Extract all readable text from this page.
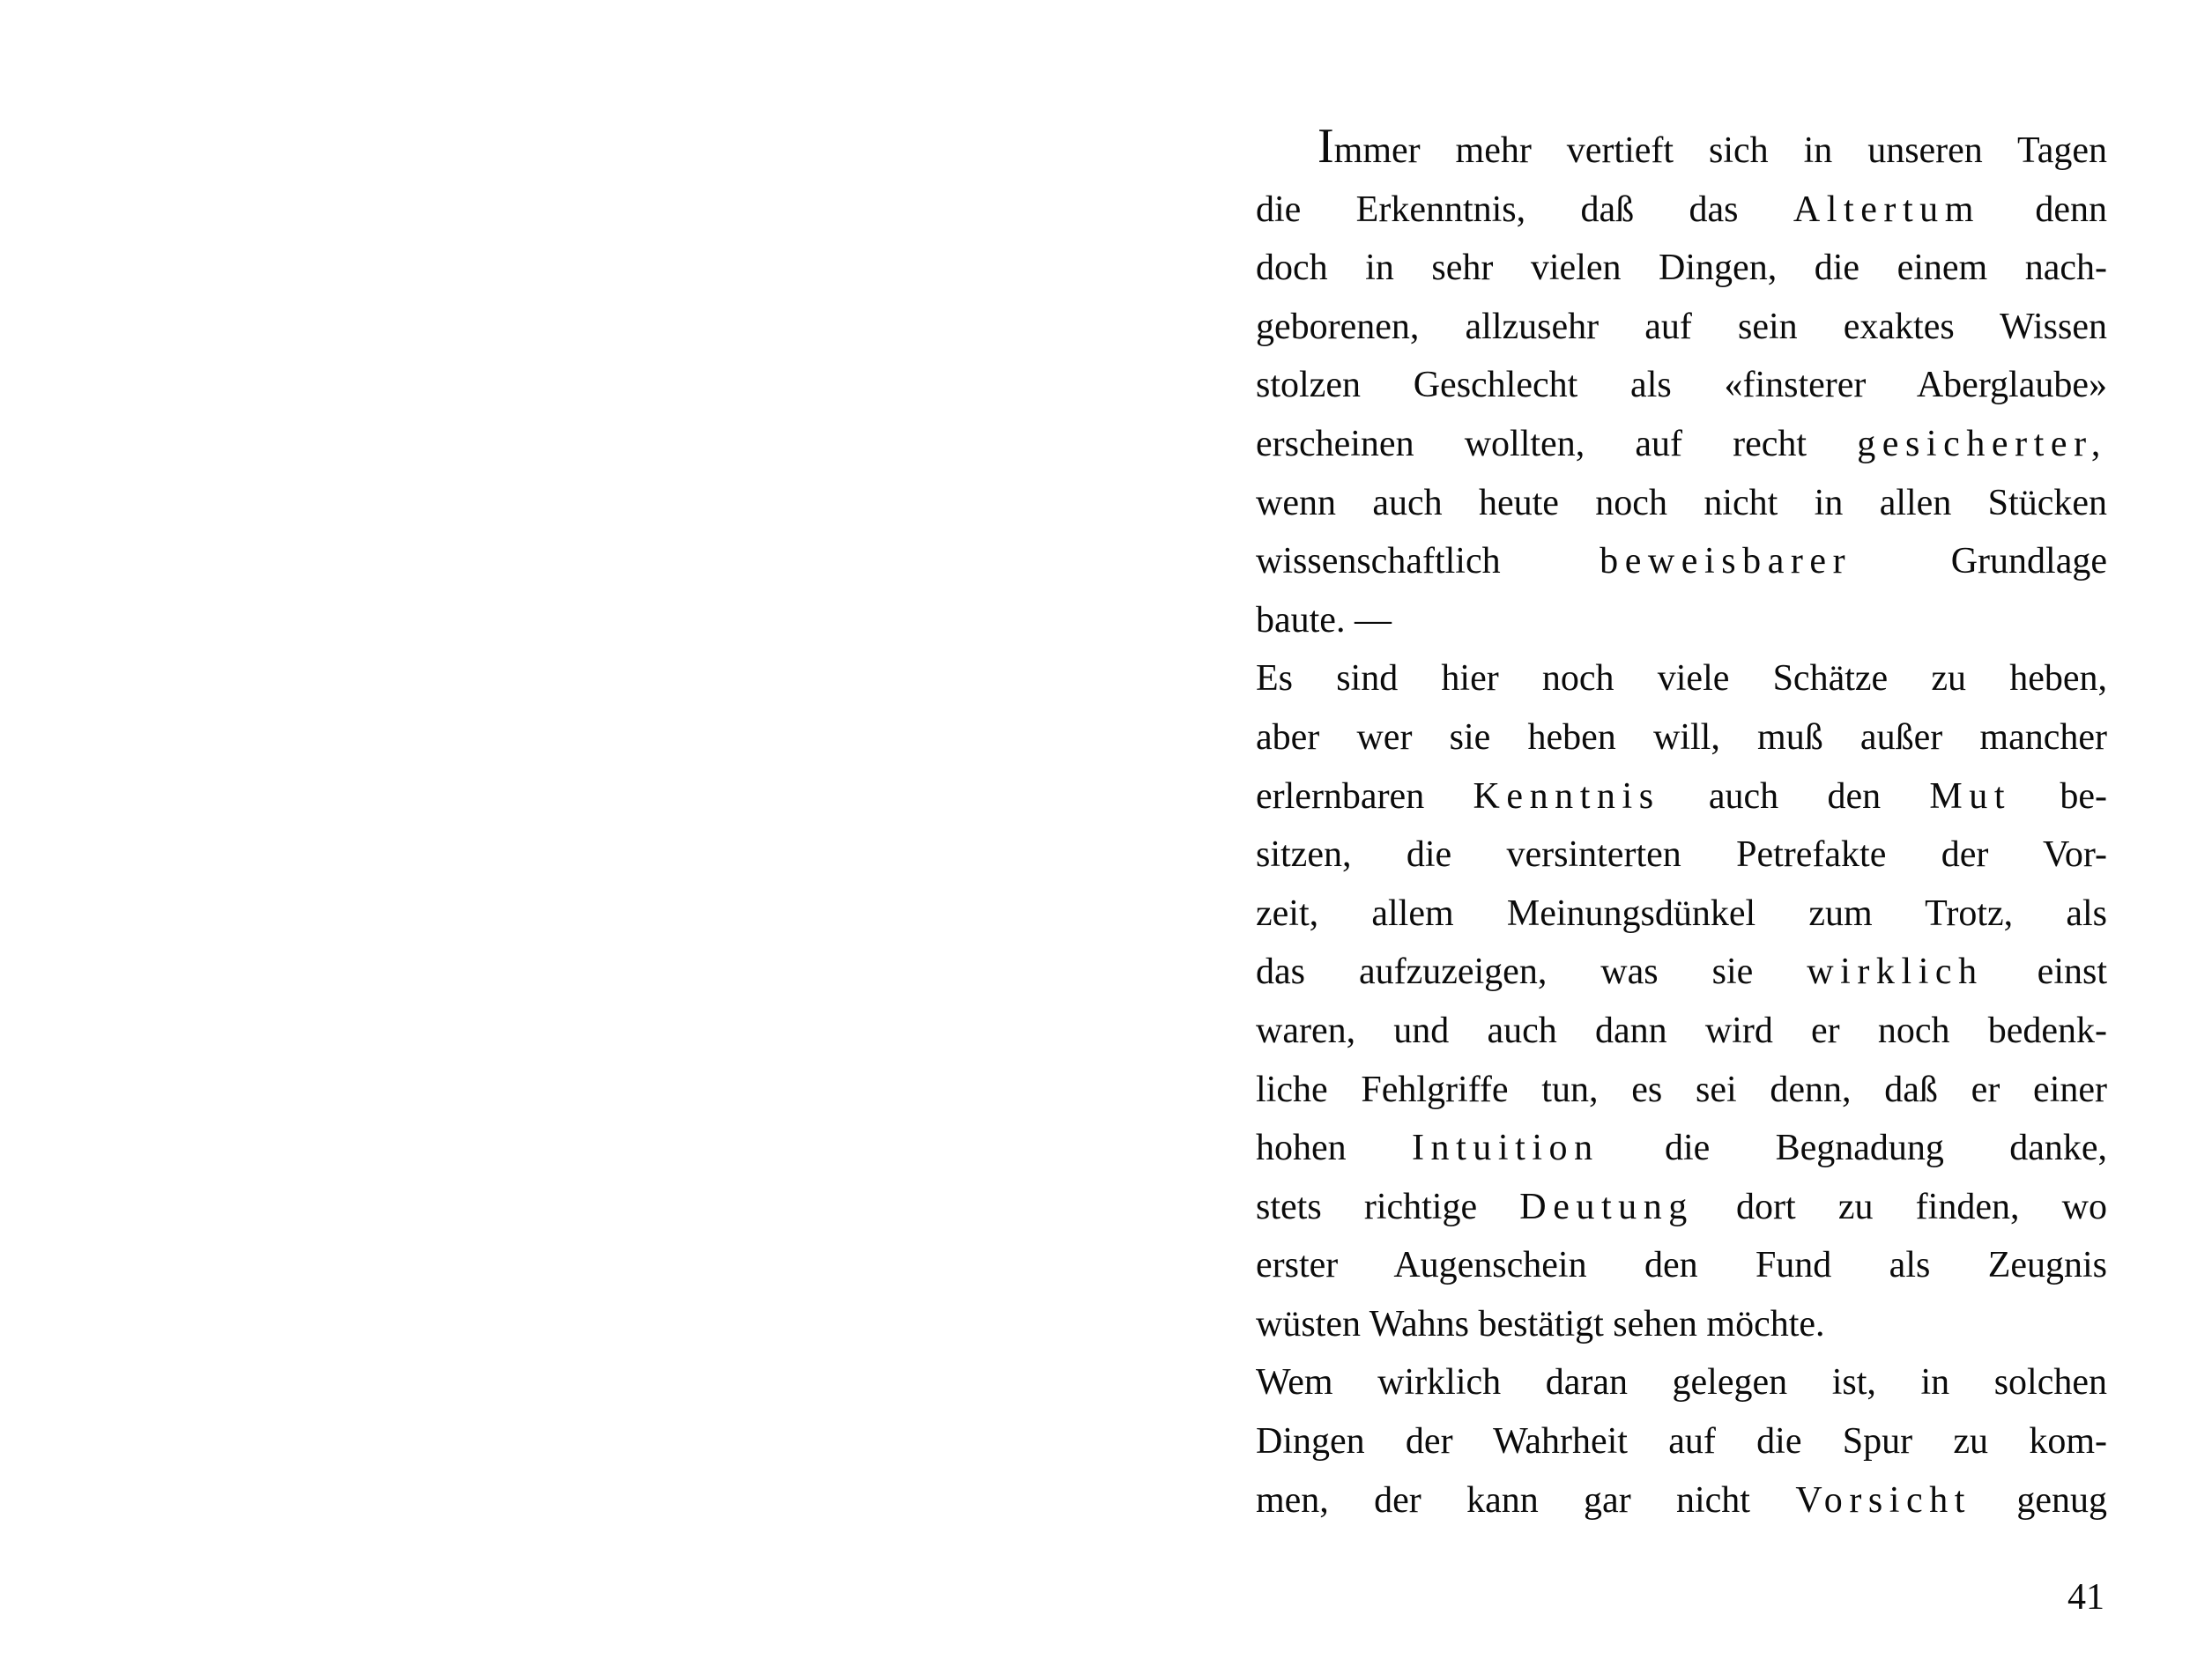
Immer mehr vertieft sich in unseren Tagen
die Erkenntnis, daß das Altertum denn
doch in sehr vielen Dingen, die einem nach-
geborenen, allzusehr auf sein exaktes Wissen
stolzen Geschlecht als «finsterer Aberglaube»
erscheinen wollten, auf recht gesicherter,
wenn auch heute noch nicht in allen Stücken
wissenschaftlich beweisbarer Grundlage
baute. —
Es sind hier noch viele Schätze zu heben,
aber wer sie heben will, muß außer mancher
erlernbaren Kenntnis auch den Mut be-
sitzen, die versinterten Petrefakte der Vor-
zeit, allem Meinungsdünkel zum Trotz, als
das aufzuzeigen, was sie wirklich einst
waren, und auch dann wird er noch bedenk-
liche Fehlgriffe tun, es sei denn, daß er einer
hohen Intuition die Begnadung danke,
stets richtige Deutung dort zu finden, wo
erster Augenschein den Fund als Zeugnis
wüsten Wahns bestätigt sehen möchte.
Wem wirklich daran gelegen ist, in solchen
Dingen der Wahrheit auf die Spur zu kom-
men, der kann gar nicht Vorsicht genug
41
